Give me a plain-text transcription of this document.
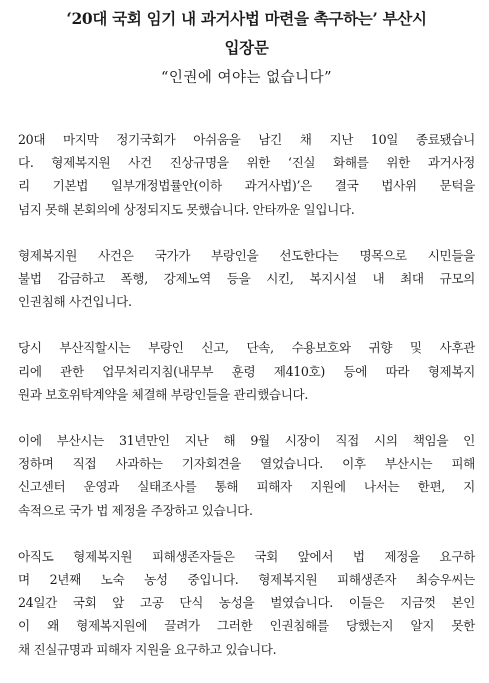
‘20대 국회 임기 내 과거사법 마련을 촉구하는’ 부산시
입장문
“인권에 여야는 없습니다”

20대 마지막 정기국회가 아쉬움을 남긴 채 지난 10일 종료됐습니
다. 형제복지원 사건 진상규명을 위한 ‘진실 화해를 위한 과거사정
리 기본법 일부개정법률안(이하 과거사법)’은 결국 법사위 문턱을
넘지 못해 본회의에 상정되지도 못했습니다. 안타까운 일입니다.

형제복지원 사건은 국가가 부랑인을 선도한다는 명목으로 시민들을
불법 감금하고 폭행, 강제노역 등을 시킨, 복지시설 내 최대 규모의
인권침해 사건입니다.

당시 부산직할시는 부랑인 신고, 단속, 수용보호와 귀향 및 사후관
리에 관한 업무처리지침(내무부 훈령 제410호) 등에 따라 형제복지
원과 보호위탁계약을 체결해 부랑인들을 관리했습니다.

이에 부산시는 31년만인 지난 해 9월 시장이 직접 시의 책임을 인
정하며 직접 사과하는 기자회견을 열었습니다. 이후 부산시는 피해
신고센터 운영과 실태조사를 통해 피해자 지원에 나서는 한편, 지
속적으로 국가 법 제정을 주장하고 있습니다.

아직도 형제복지원 피해생존자들은 국회 앞에서 법 제정을 요구하
며 2년째 노숙 농성 중입니다. 형제복지원 피해생존자 최승우씨는
24일간 국회 앞 고공 단식 농성을 벌였습니다. 이들은 지금껏 본인
이 왜 형제복지원에 끌려가 그러한 인권침해를 당했는지 알지 못한
채 진실규명과 피해자 지원을 요구하고 있습니다.
